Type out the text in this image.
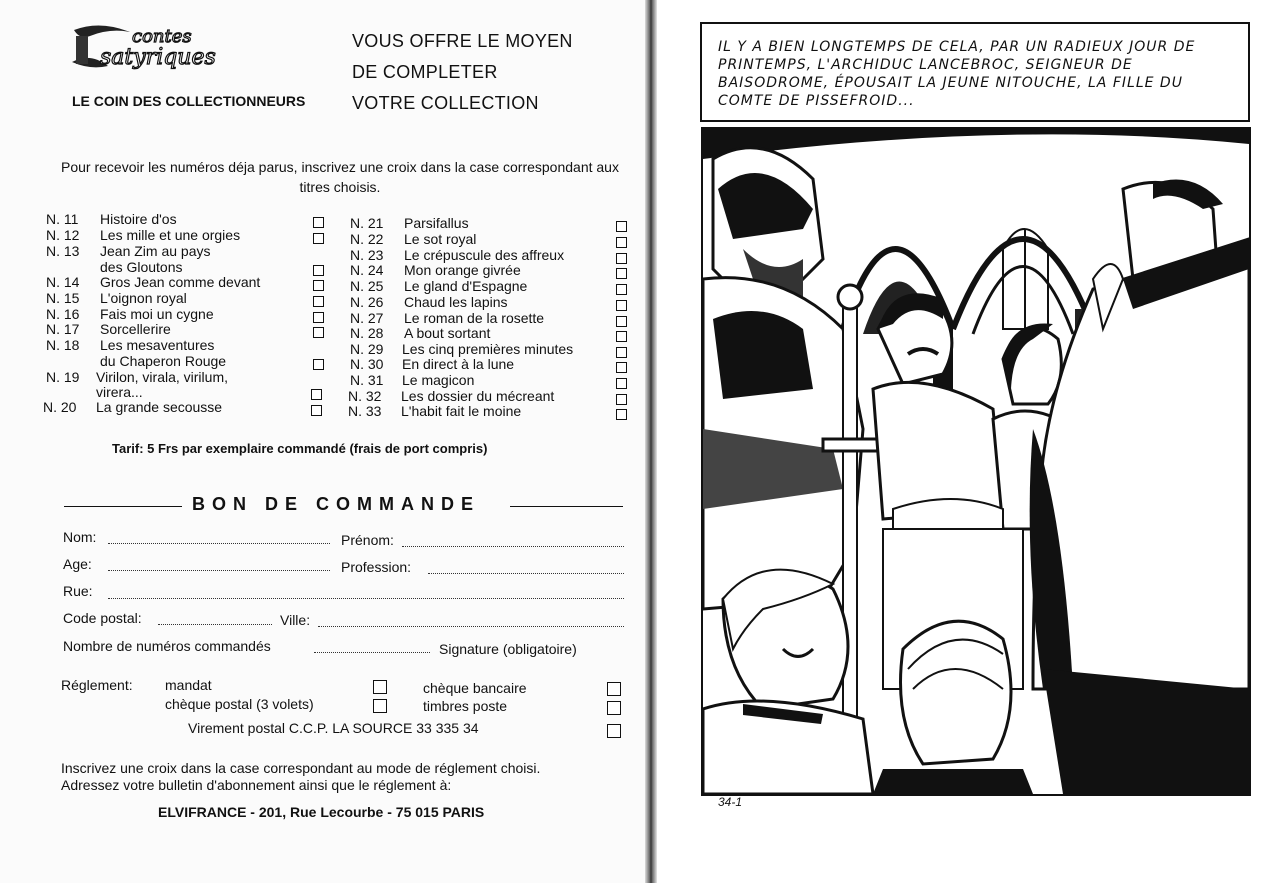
contes
satyriques
VOUS OFFRE LE MOYEN
DE COMPLETER
VOTRE COLLECTION
LE COIN DES COLLECTIONNEURS
Pour recevoir les numéros déja parus, inscrivez une croix dans la case correspondant aux titres choisis.
N. 11 Histoire d'os
N. 12 Les mille et une orgies
N. 13 Jean Zim au pays
des Gloutons
N. 14 Gros Jean comme devant
N. 15 L'oignon royal
N. 16 Fais moi un cygne
N. 17 Sorcellerire
N. 18 Les mesaventures
du Chaperon Rouge
N. 19 Virilon, virala, virilum,
virera...
N. 20 La grande secousse
N. 21 Parsifallus
N. 22 Le sot royal
N. 23 Le crépuscule des affreux
N. 24 Mon orange givrée
N. 25 Le gland d'Espagne
N. 26 Chaud les lapins
N. 27 Le roman de la rosette
N. 28 A bout sortant
N. 29 Les cinq premières minutes
N. 30 En direct à la lune
N. 31 Le magicon
N. 32 Les dossier du mécreant
N. 33 L'habit fait le moine
Tarif: 5 Frs par exemplaire commandé (frais de port compris)
BON DE COMMANDE
Nom:	Prénom:
Age:	Profession:
Rue:
Code postal:	Ville:
Nombre de numéros commandés	Signature (obligatoire)
Réglement: mandat	chèque bancaire
chèque postal (3 volets)	timbres poste
Virement postal C.C.P. LA SOURCE 33 335 34
Inscrivez une croix dans la case correspondant au mode de réglement choisi.
Adressez votre bulletin d'abonnement ainsi que le réglement à:
ELVIFRANCE - 201, Rue Lecourbe - 75 015 PARIS
IL Y A BIEN LONGTEMPS DE CELA, PAR UN RADIEUX JOUR DE PRINTEMPS, L'ARCHIDUC LANCEBROC, SEIGNEUR DE BAISODROME, ÉPOUSAIT LA JEUNE NITOUCHE, LA FILLE DU COMTE DE PISSEFROID...
34-1
